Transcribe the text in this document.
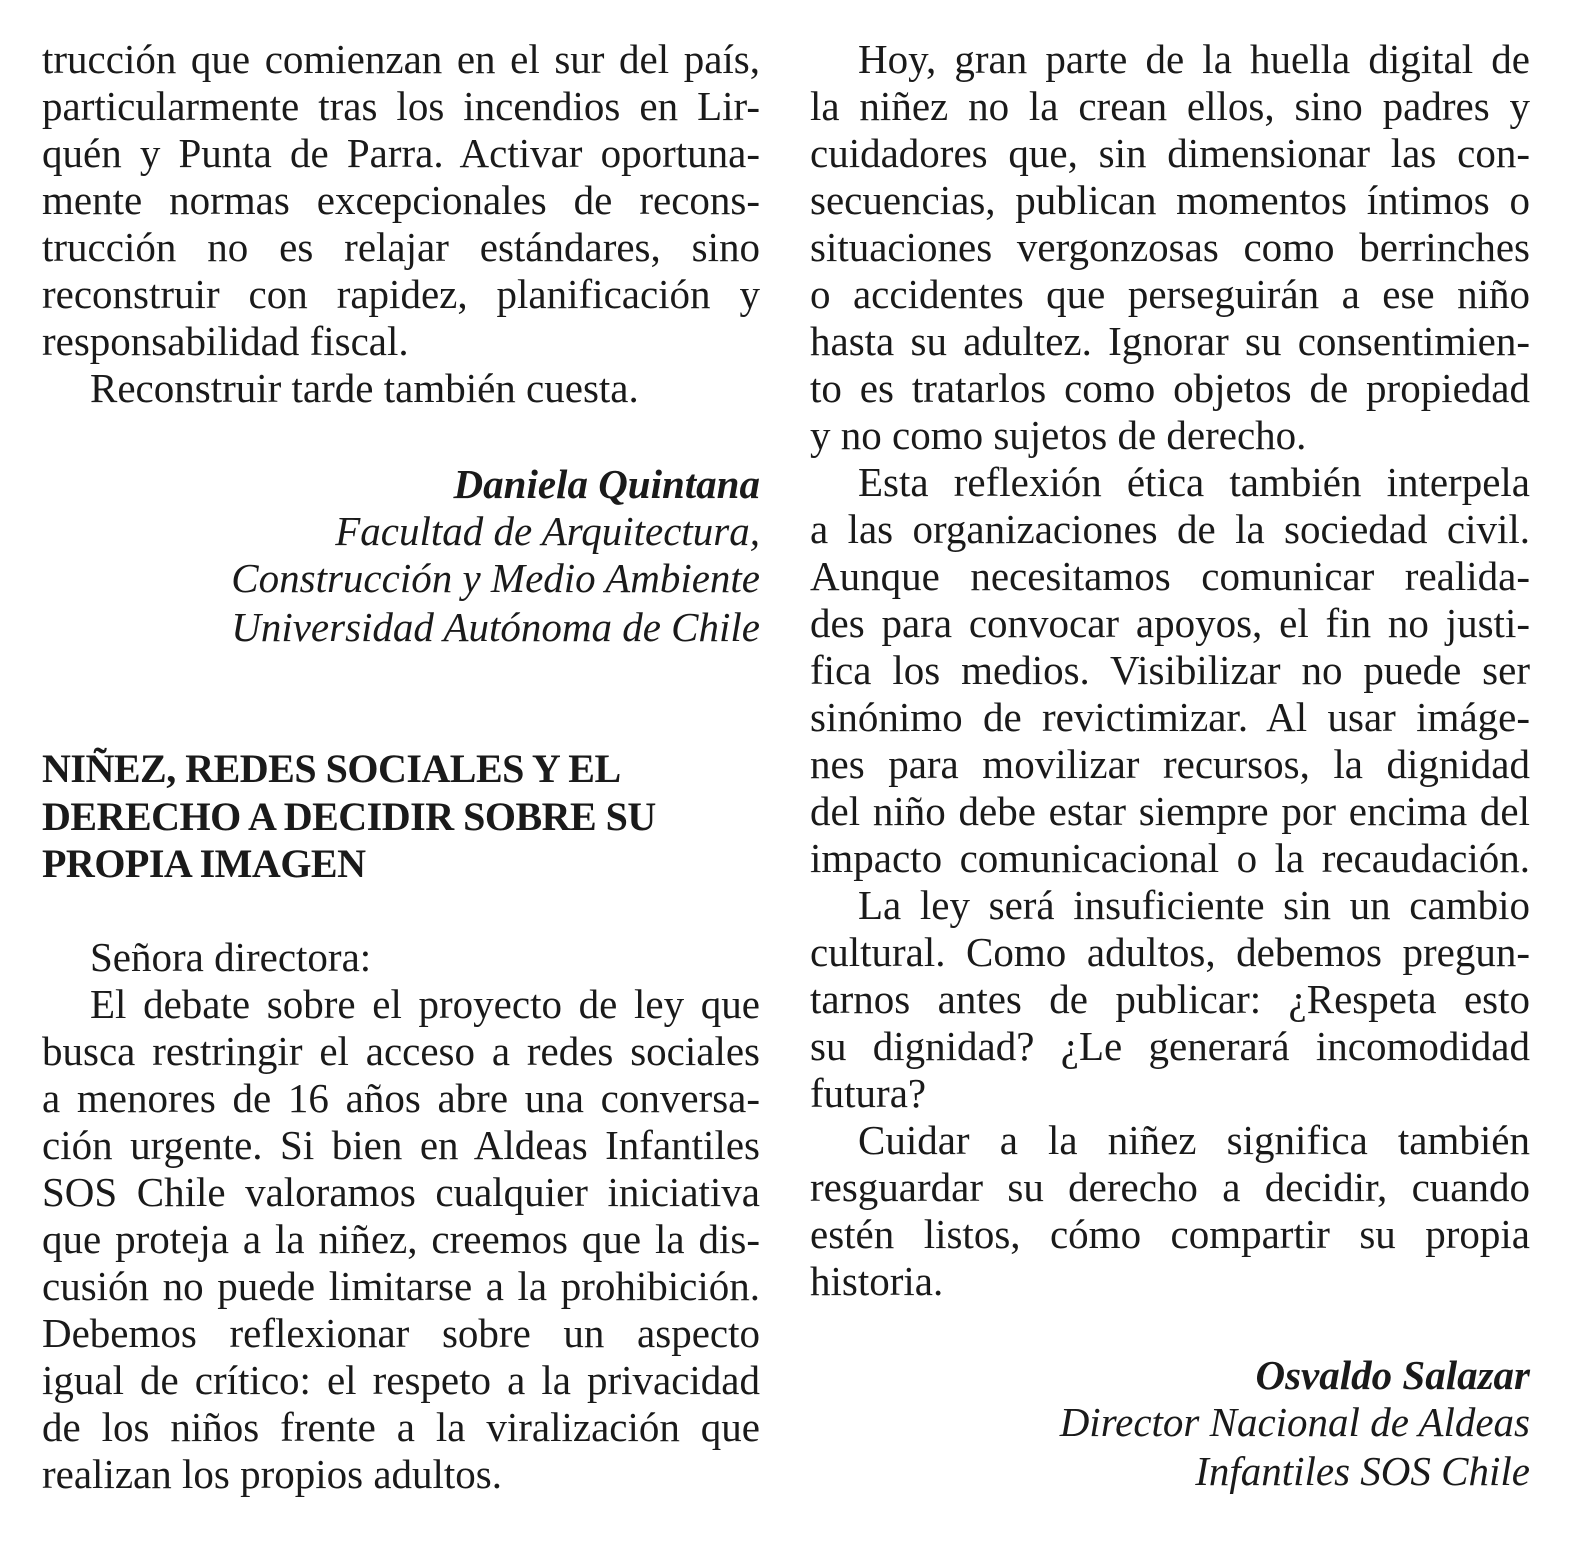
trucción que comienzan en el sur del país,
particularmente tras los incendios en Lir-
quén y Punta de Parra. Activar oportuna-
mente normas excepcionales de recons-
trucción no es relajar estándares, sino
reconstruir con rapidez, planificación y
responsabilidad fiscal.
Reconstruir tarde también cuesta.
Daniela Quintana
Facultad de Arquitectura,
Construcción y Medio Ambiente
Universidad Autónoma de Chile
NIÑEZ, REDES SOCIALES Y EL
DERECHO A DECIDIR SOBRE SU
PROPIA IMAGEN
Señora directora:
El debate sobre el proyecto de ley que
busca restringir el acceso a redes sociales
a menores de 16 años abre una conversa-
ción urgente. Si bien en Aldeas Infantiles
SOS Chile valoramos cualquier iniciativa
que proteja a la niñez, creemos que la dis-
cusión no puede limitarse a la prohibición.
Debemos reflexionar sobre un aspecto
igual de crítico: el respeto a la privacidad
de los niños frente a la viralización que
realizan los propios adultos.
Hoy, gran parte de la huella digital de
la niñez no la crean ellos, sino padres y
cuidadores que, sin dimensionar las con-
secuencias, publican momentos íntimos o
situaciones vergonzosas como berrinches
o accidentes que perseguirán a ese niño
hasta su adultez. Ignorar su consentimien-
to es tratarlos como objetos de propiedad
y no como sujetos de derecho.
Esta reflexión ética también interpela
a las organizaciones de la sociedad civil.
Aunque necesitamos comunicar realida-
des para convocar apoyos, el fin no justi-
fica los medios. Visibilizar no puede ser
sinónimo de revictimizar. Al usar imáge-
nes para movilizar recursos, la dignidad
del niño debe estar siempre por encima del
impacto comunicacional o la recaudación.
La ley será insuficiente sin un cambio
cultural. Como adultos, debemos pregun-
tarnos antes de publicar: ¿Respeta esto
su dignidad? ¿Le generará incomodidad
futura?
Cuidar a la niñez significa también
resguardar su derecho a decidir, cuando
estén listos, cómo compartir su propia
historia.
Osvaldo Salazar
Director Nacional de Aldeas
Infantiles SOS Chile
